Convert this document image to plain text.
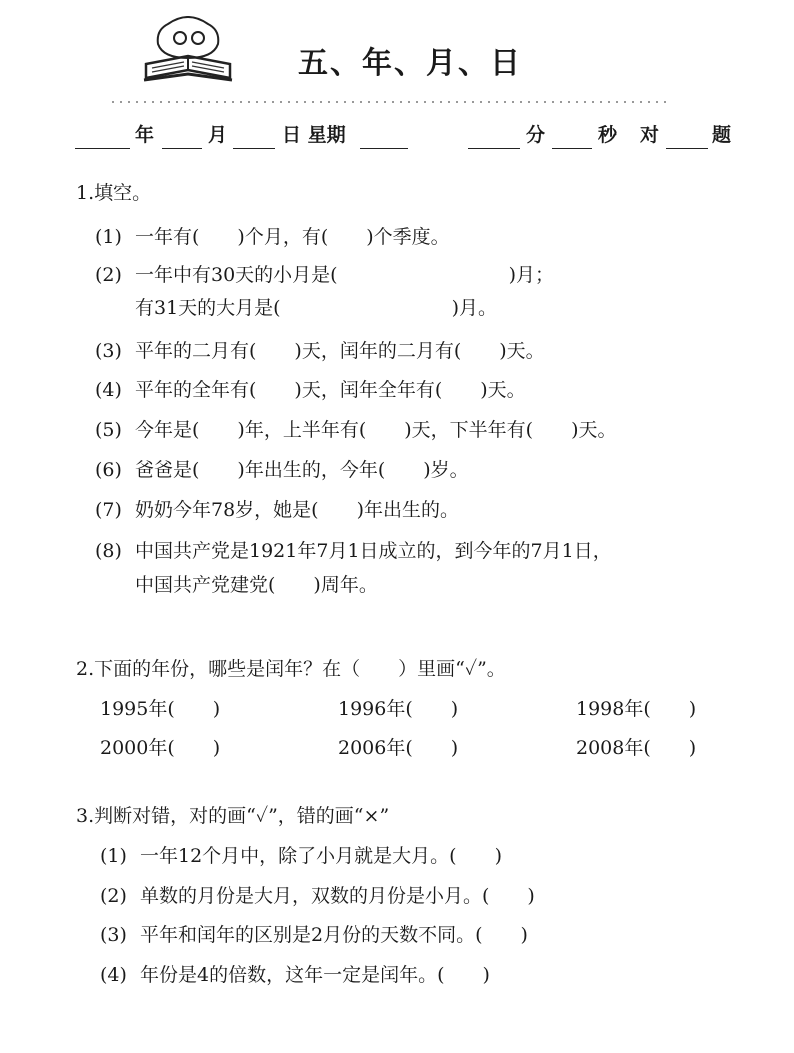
五、年、月、日
年	月	日 星期	分	秒 对	题
1.填空。
(1) 一年有(　　)个月，有(　　)个季度。
(2) 一年中有30天的小月是(　　　　　　　　　)月；
有31天的大月是(　　　　　　　　　)月。
(3) 平年的二月有(　　)天，闰年的二月有(　　)天。
(4) 平年的全年有(　　)天，闰年全年有(　　)天。
(5) 今年是(　　)年，上半年有(　　)天，下半年有(　　)天。
(6) 爸爸是(　　)年出生的，今年(　　)岁。
(7) 奶奶今年78岁，她是(　　)年出生的。
(8) 中国共产党是1921年7月1日成立的，到今年的7月1日，
中国共产党建党(　　)周年。
2.下面的年份，哪些是闰年？在（　　）里画“✓”。
1995年(　　)	1996年(　　)	1998年(　　)
2000年(　　)	2006年(　　)	2008年(　　)
3.判断对错，对的画“✓”，错的画“×”
(1) 一年12个月中，除了小月就是大月。(　　)
(2) 单数的月份是大月，双数的月份是小月。(　　)
(3) 平年和闰年的区别是2月份的天数不同。(　　)
(4) 年份是4的倍数，这年一定是闰年。(　　)
